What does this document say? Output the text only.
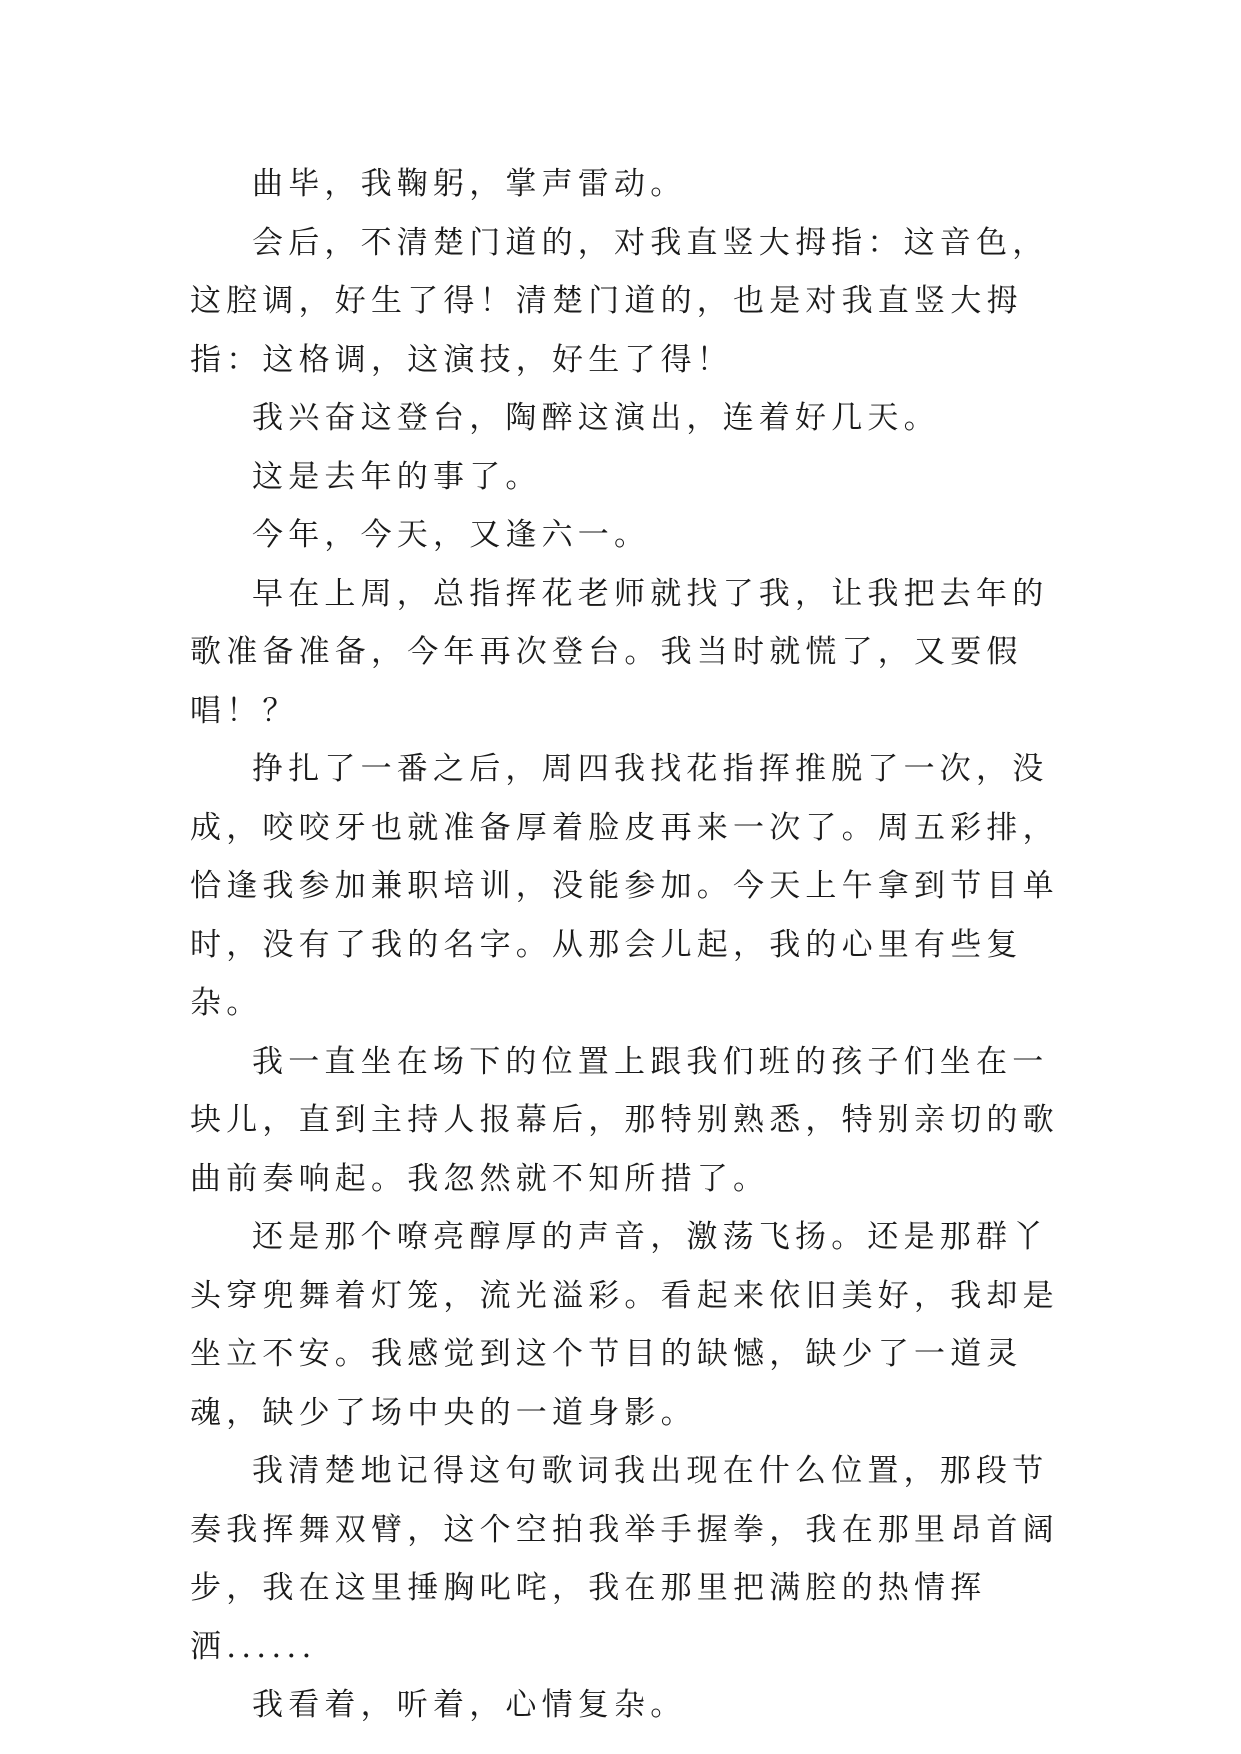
曲毕，我鞠躬，掌声雷动。

会后，不清楚门道的，对我直竖大拇指：这音色，这腔调，好生了得！清楚门道的，也是对我直竖大拇指：这格调，这演技，好生了得！

我兴奋这登台，陶醉这演出，连着好几天。

这是去年的事了。

今年，今天，又逢六一。

早在上周，总指挥花老师就找了我，让我把去年的歌准备准备，今年再次登台。我当时就慌了，又要假唱！？

挣扎了一番之后，周四我找花指挥推脱了一次，没成，咬咬牙也就准备厚着脸皮再来一次了。周五彩排，恰逢我参加兼职培训，没能参加。今天上午拿到节目单时，没有了我的名字。从那会儿起，我的心里有些复杂。

我一直坐在场下的位置上跟我们班的孩子们坐在一块儿，直到主持人报幕后，那特别熟悉，特别亲切的歌曲前奏响起。我忽然就不知所措了。

还是那个嘹亮醇厚的声音，激荡飞扬。还是那群丫头穿兜舞着灯笼，流光溢彩。看起来依旧美好，我却是坐立不安。我感觉到这个节目的缺憾，缺少了一道灵魂，缺少了场中央的一道身影。

我清楚地记得这句歌词我出现在什么位置，那段节奏我挥舞双臂，这个空拍我举手握拳，我在那里昂首阔步，我在这里捶胸叱咤，我在那里把满腔的热情挥洒......

我看着，听着，心情复杂。
